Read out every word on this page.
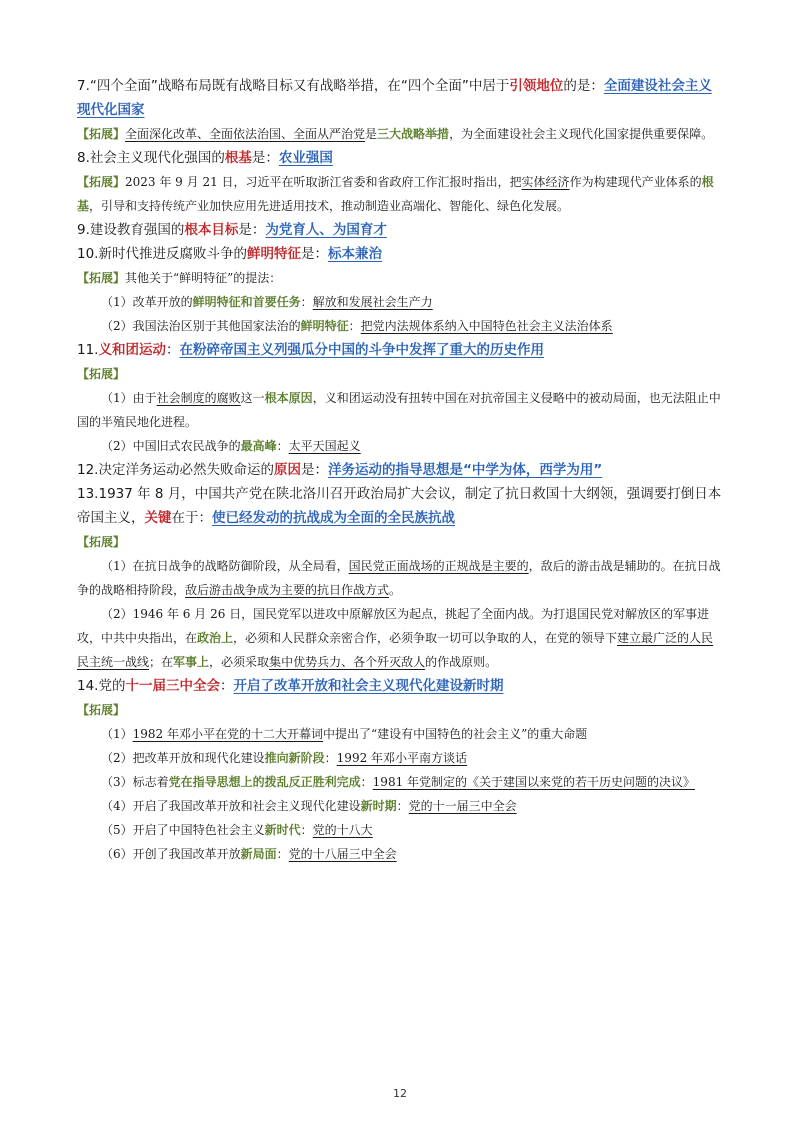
7.“四个全面”战略布局既有战略目标又有战略举措，在“四个全面”中居于引领地位的是：全面建设社会主义现代化国家

【拓展】全面深化改革、全面依法治国、全面从严治党是三大战略举措，为全面建设社会主义现代化国家提供重要保障。

8.社会主义现代化强国的根基是：农业强国

【拓展】2023 年 9 月 21 日，习近平在听取浙江省委和省政府工作汇报时指出，把实体经济作为构建现代产业体系的根基，引导和支持传统产业加快应用先进适用技术，推动制造业高端化、智能化、绿色化发展。

9.建设教育强国的根本目标是：为党育人、为国育才

10.新时代推进反腐败斗争的鲜明特征是：标本兼治

【拓展】其他关于“鲜明特征”的提法：

（1）改革开放的鲜明特征和首要任务：解放和发展社会生产力

（2）我国法治区别于其他国家法治的鲜明特征：把党内法规体系纳入中国特色社会主义法治体系

11.义和团运动：在粉碎帝国主义列强瓜分中国的斗争中发挥了重大的历史作用

【拓展】

（1）由于社会制度的腐败这一根本原因，义和团运动没有扭转中国在对抗帝国主义侵略中的被动局面，也无法阻止中国的半殖民地化进程。

（2）中国旧式农民战争的最高峰：太平天国起义

12.决定洋务运动必然失败命运的原因是：洋务运动的指导思想是“中学为体，西学为用”

13.1937 年 8 月，中国共产党在陕北洛川召开政治局扩大会议，制定了抗日救国十大纲领，强调要打倒日本帝国主义，关键在于：使已经发动的抗战成为全面的全民族抗战

【拓展】

（1）在抗日战争的战略防御阶段，从全局看，国民党正面战场的正规战是主要的，敌后的游击战是辅助的。在抗日战争的战略相持阶段，敌后游击战争成为主要的抗日作战方式。

（2）1946 年 6 月 26 日，国民党军以进攻中原解放区为起点，挑起了全面内战。为打退国民党对解放区的军事进攻，中共中央指出，在政治上，必须和人民群众亲密合作，必须争取一切可以争取的人，在党的领导下建立最广泛的人民民主统一战线；在军事上，必须采取集中优势兵力、各个歼灭敌人的作战原则。

14.党的十一届三中全会：开启了改革开放和社会主义现代化建设新时期

【拓展】

（1）1982 年邓小平在党的十二大开幕词中提出了“建设有中国特色的社会主义”的重大命题

（2）把改革开放和现代化建设推向新阶段：1992 年邓小平南方谈话

（3）标志着党在指导思想上的拨乱反正胜利完成：1981 年党制定的《关于建国以来党的若干历史问题的决议》

（4）开启了我国改革开放和社会主义现代化建设新时期：党的十一届三中全会

（5）开启了中国特色社会主义新时代：党的十八大

（6）开创了我国改革开放新局面：党的十八届三中全会

12
